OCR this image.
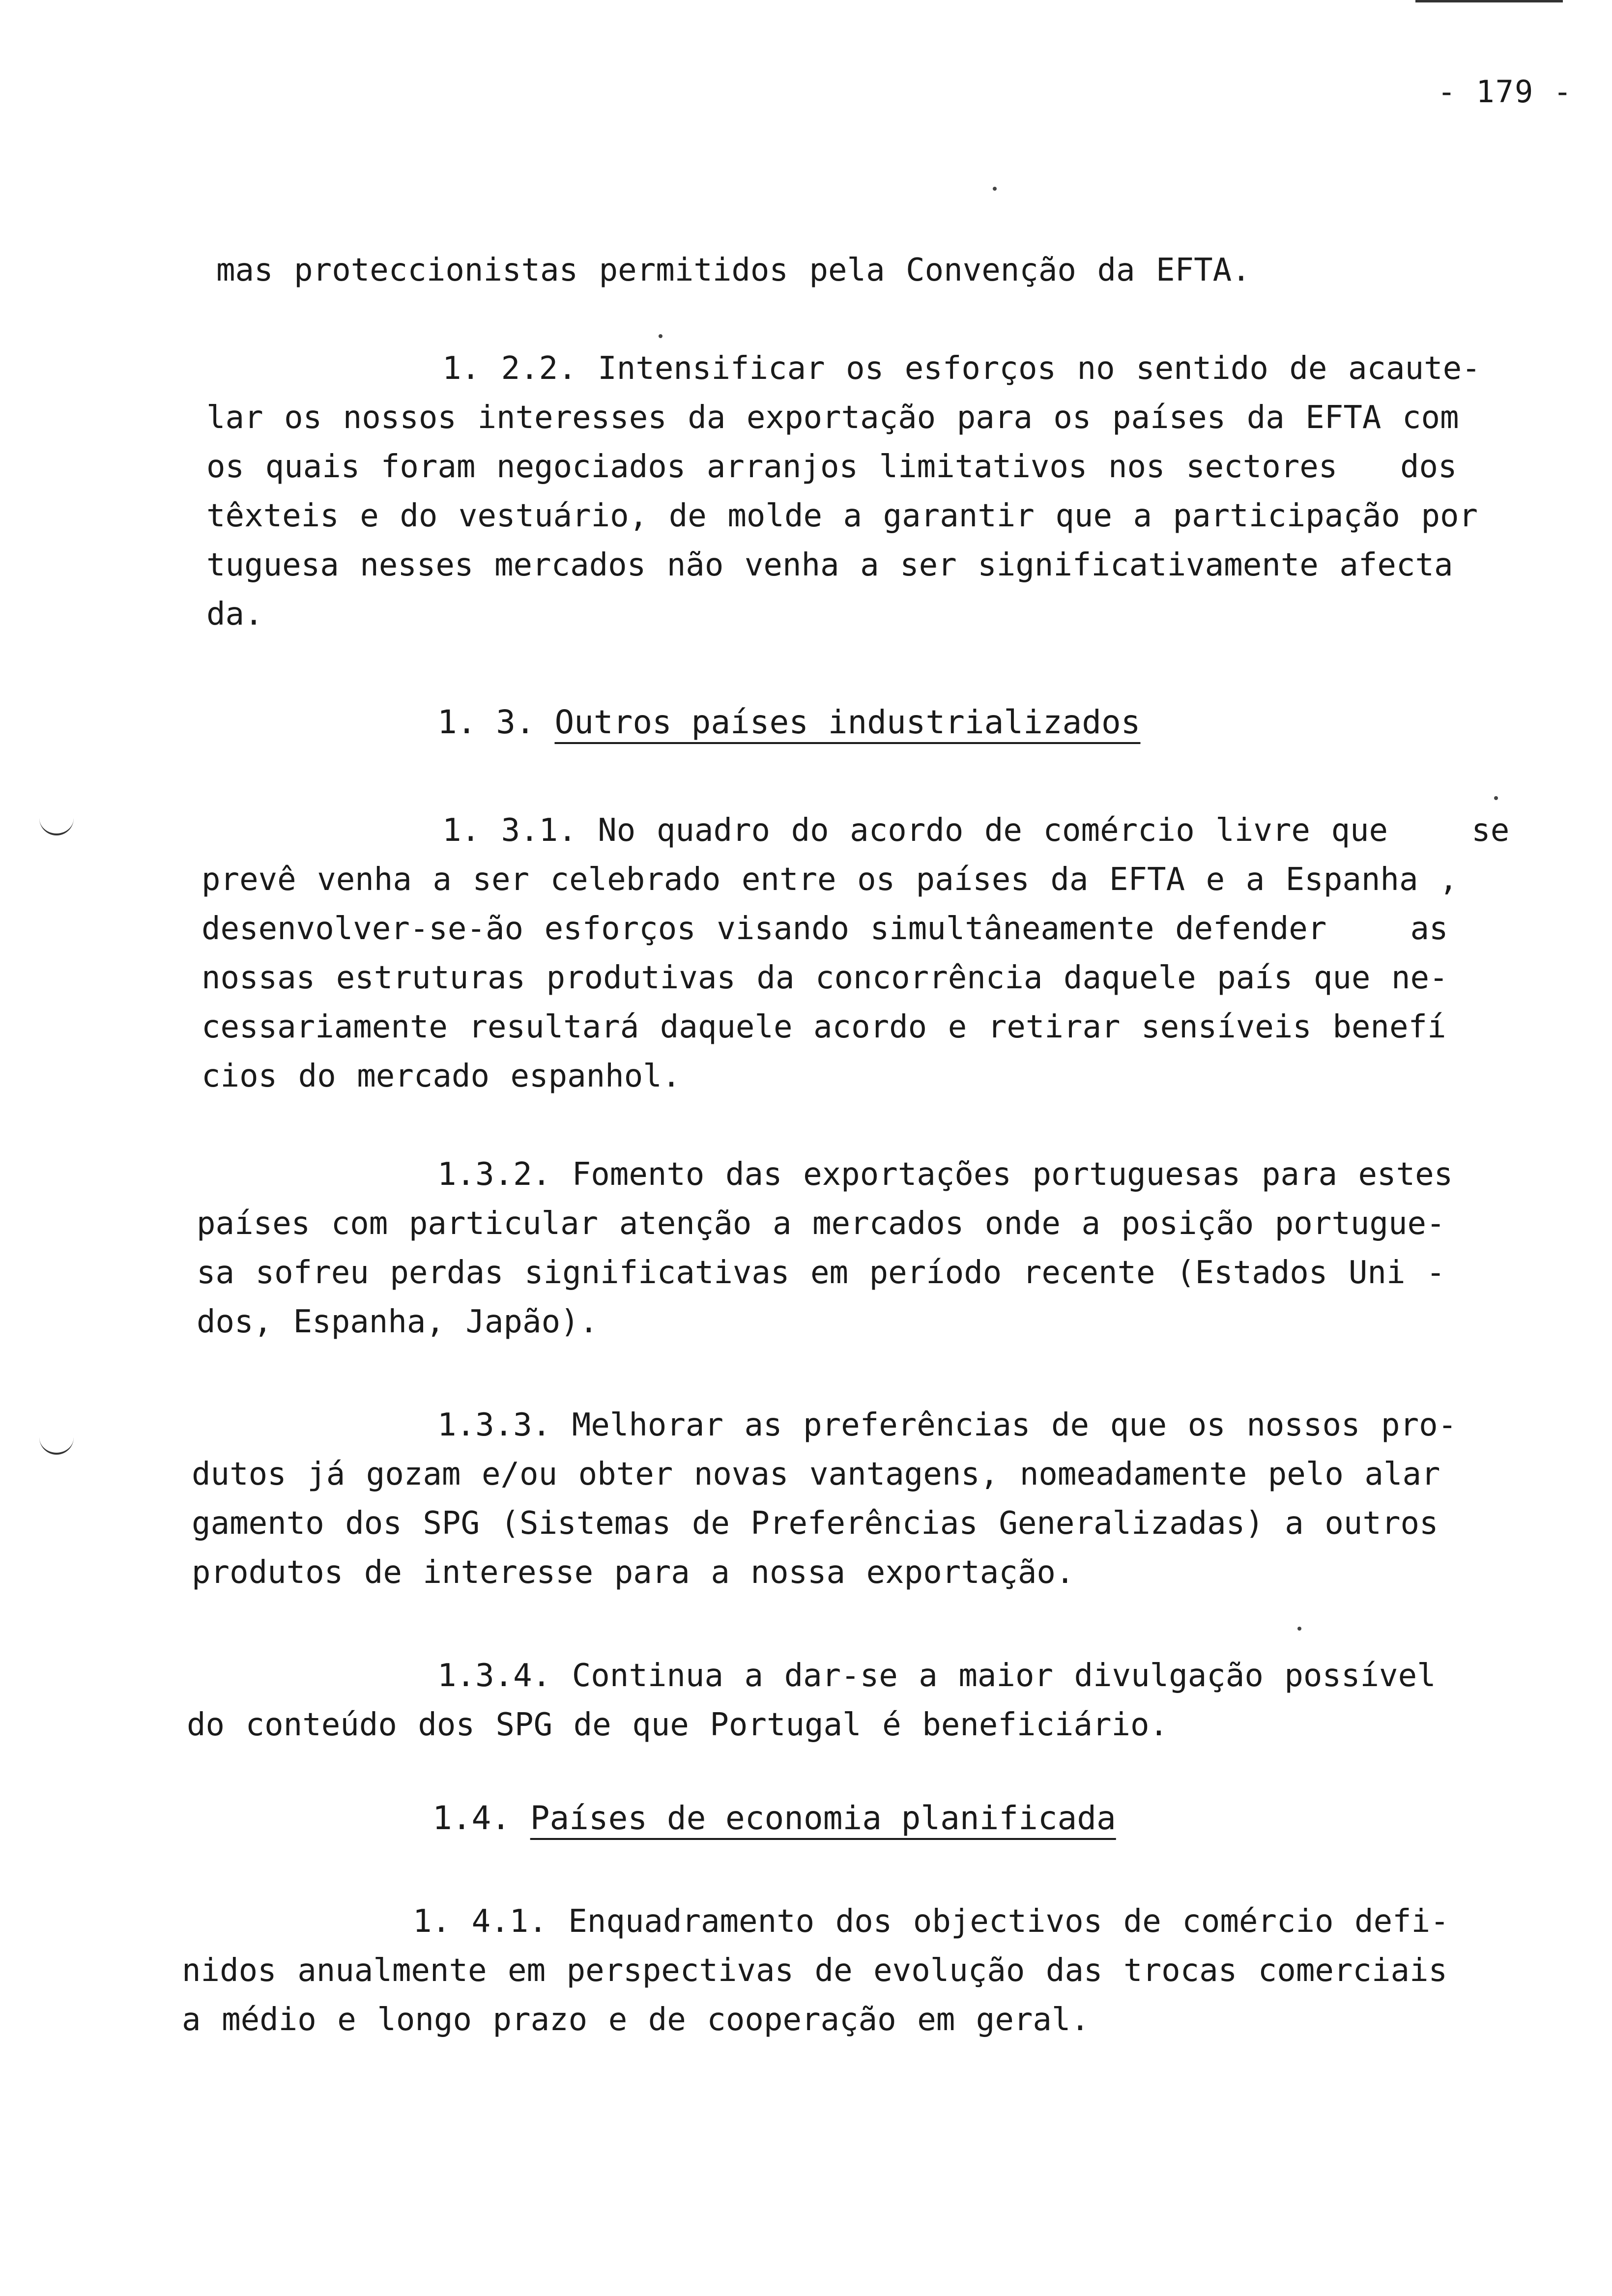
- 179 -
mas proteccionistas permitidos pela Convenção da EFTA.
1. 2.2. Intensificar os esforços no sentido de acaute-
lar os nossos interesses da exportação para os países da EFTA com
os quais foram negociados arranjos limitativos nos sectores   dos
têxteis e do vestuário, de molde a garantir que a participação por
tuguesa nesses mercados não venha a ser significativamente afecta
da.
1. 3. Outros países industrializados
1. 3.1. No quadro do acordo de comércio livre que    se
prevê venha a ser celebrado entre os países da EFTA e a Espanha ,
desenvolver-se-ão esforços visando simultâneamente defender    as
nossas estruturas produtivas da concorrência daquele país que ne-
cessariamente resultará daquele acordo e retirar sensíveis benefí
cios do mercado espanhol.
1.3.2. Fomento das exportações portuguesas para estes
países com particular atenção a mercados onde a posição portugue-
sa sofreu perdas significativas em período recente (Estados Uni -
dos, Espanha, Japão).
1.3.3. Melhorar as preferências de que os nossos pro-
dutos já gozam e/ou obter novas vantagens, nomeadamente pelo alar
gamento dos SPG (Sistemas de Preferências Generalizadas) a outros
produtos de interesse para a nossa exportação.
1.3.4. Continua a dar-se a maior divulgação possível
do conteúdo dos SPG de que Portugal é beneficiário.
1.4. Países de economia planificada
1. 4.1. Enquadramento dos objectivos de comércio defi-
nidos anualmente em perspectivas de evolução das trocas comerciais
a médio e longo prazo e de cooperação em geral.
